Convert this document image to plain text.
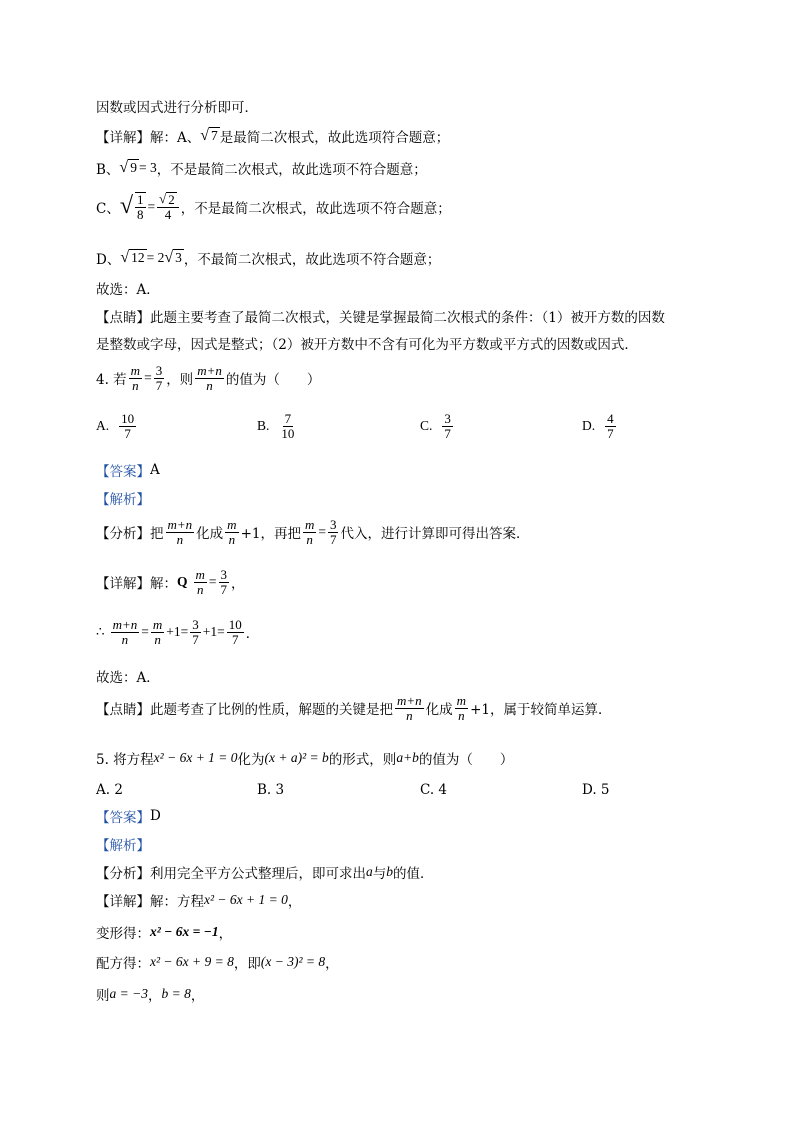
因数或因式进行分析即可．
【详解】 解：A、 √ 7 是最简二次根式，故此选项符合题意；
B、 √ 9 = 3 ，不是最简二次根式，故此选项不符合题意；
C、 √ $\frac{1}{8} = \frac{√ 2}{4}$ ，不是最简二次根式，故此选项不符合题意；
D、 √ 12 = 2 √ 3 ，不最简二次根式，故此选项不符合题意；
故选：A．
【点睛】 此题主要考查了最简二次根式，关键是掌握最简二次根式的条件：（1）被开方数的因数
是整数或字母，因式是整式；（2）被开方数中不含有可化为平方数或平方式的因数或因式．
4. 若 $\frac{m}{n} = \frac{3}{7}$ ，则 $\frac{m+n}{n}$ 的值为（　　）
A. $\frac{10}{7}$	B. $\frac{7}{10}$	C. $\frac{3}{7}$	D. $\frac{4}{7}$
【答案】 A
【解析】
【分析】 把 $\frac{m+n}{n}$ 化成 $\frac{m}{n} +1$，再把 $\frac{m}{n} = \frac{3}{7}$ 代入，进行计算即可得出答案．
【详解】 解： Q $\frac{m}{n} = \frac{3}{7}$ ，
∴ $\frac{m+n}{n} = \frac{m}{n} +1= \frac{3}{7} +1= \frac{10}{7}$ ．
故选：A．
【点睛】 此题考查了比例的性质，解题的关键是把 $\frac{m+n}{n}$ 化成 $\frac{m}{n} +1$，属于较简单运算．
5. 将方程 x² − 6x + 1 = 0 化为 (x + a)² = b 的形式，则 a+b 的值为（　　）
A. 2	B. 3	C. 4	D. 5
【答案】 D
【解析】
【分析】 利用完全平方公式整理后，即可求出 a 与 b 的值．
【详解】 解：方程 x² − 6x + 1 = 0 ，
变形得： x² − 6x = −1 ，
配方得： x² − 6x + 9 = 8 ，即 (x − 3)² = 8 ，
则 a = −3 ， b = 8 ，
